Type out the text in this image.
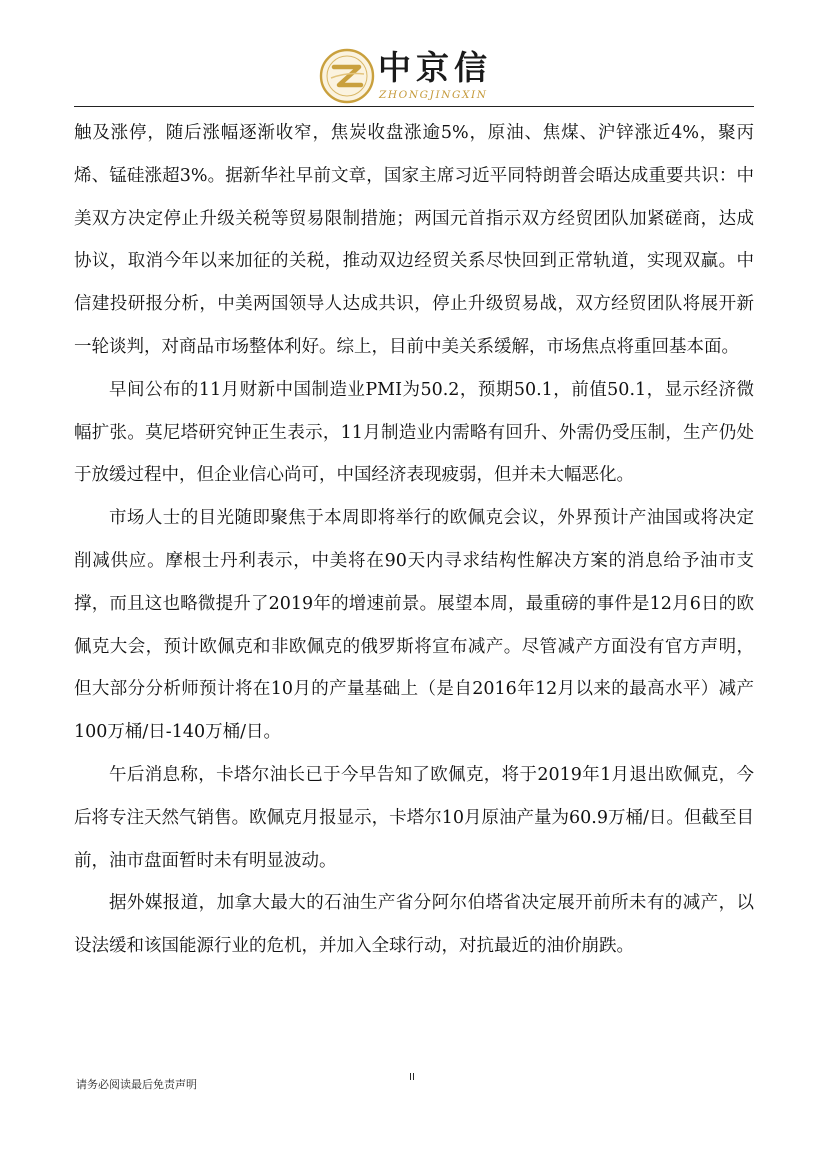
中京信
ZHONGJINGXIN

触及涨停，随后涨幅逐渐收窄，焦炭收盘涨逾5%，原油、焦煤、沪锌涨近4%，聚丙烯、锰硅涨超3%。据新华社早前文章，国家主席习近平同特朗普会晤达成重要共识：中美双方决定停止升级关税等贸易限制措施；两国元首指示双方经贸团队加紧磋商，达成协议，取消今年以来加征的关税，推动双边经贸关系尽快回到正常轨道，实现双赢。中信建投研报分析，中美两国领导人达成共识，停止升级贸易战，双方经贸团队将展开新一轮谈判，对商品市场整体利好。综上，目前中美关系缓解，市场焦点将重回基本面。

早间公布的11月财新中国制造业PMI为50.2，预期50.1，前值50.1，显示经济微幅扩张。莫尼塔研究钟正生表示，11月制造业内需略有回升、外需仍受压制，生产仍处于放缓过程中，但企业信心尚可，中国经济表现疲弱，但并未大幅恶化。

市场人士的目光随即聚焦于本周即将举行的欧佩克会议，外界预计产油国或将决定削减供应。摩根士丹利表示，中美将在90天内寻求结构性解决方案的消息给予油市支撑，而且这也略微提升了2019年的增速前景。展望本周，最重磅的事件是12月6日的欧佩克大会，预计欧佩克和非欧佩克的俄罗斯将宣布减产。尽管减产方面没有官方声明，但大部分分析师预计将在10月的产量基础上（是自2016年12月以来的最高水平）减产100万桶/日-140万桶/日。

午后消息称，卡塔尔油长已于今早告知了欧佩克，将于2019年1月退出欧佩克，今后将专注天然气销售。欧佩克月报显示，卡塔尔10月原油产量为60.9万桶/日。但截至目前，油市盘面暂时未有明显波动。

据外媒报道，加拿大最大的石油生产省分阿尔伯塔省决定展开前所未有的减产，以设法缓和该国能源行业的危机，并加入全球行动，对抗最近的油价崩跌。

请务必阅读最后免责声明
II
